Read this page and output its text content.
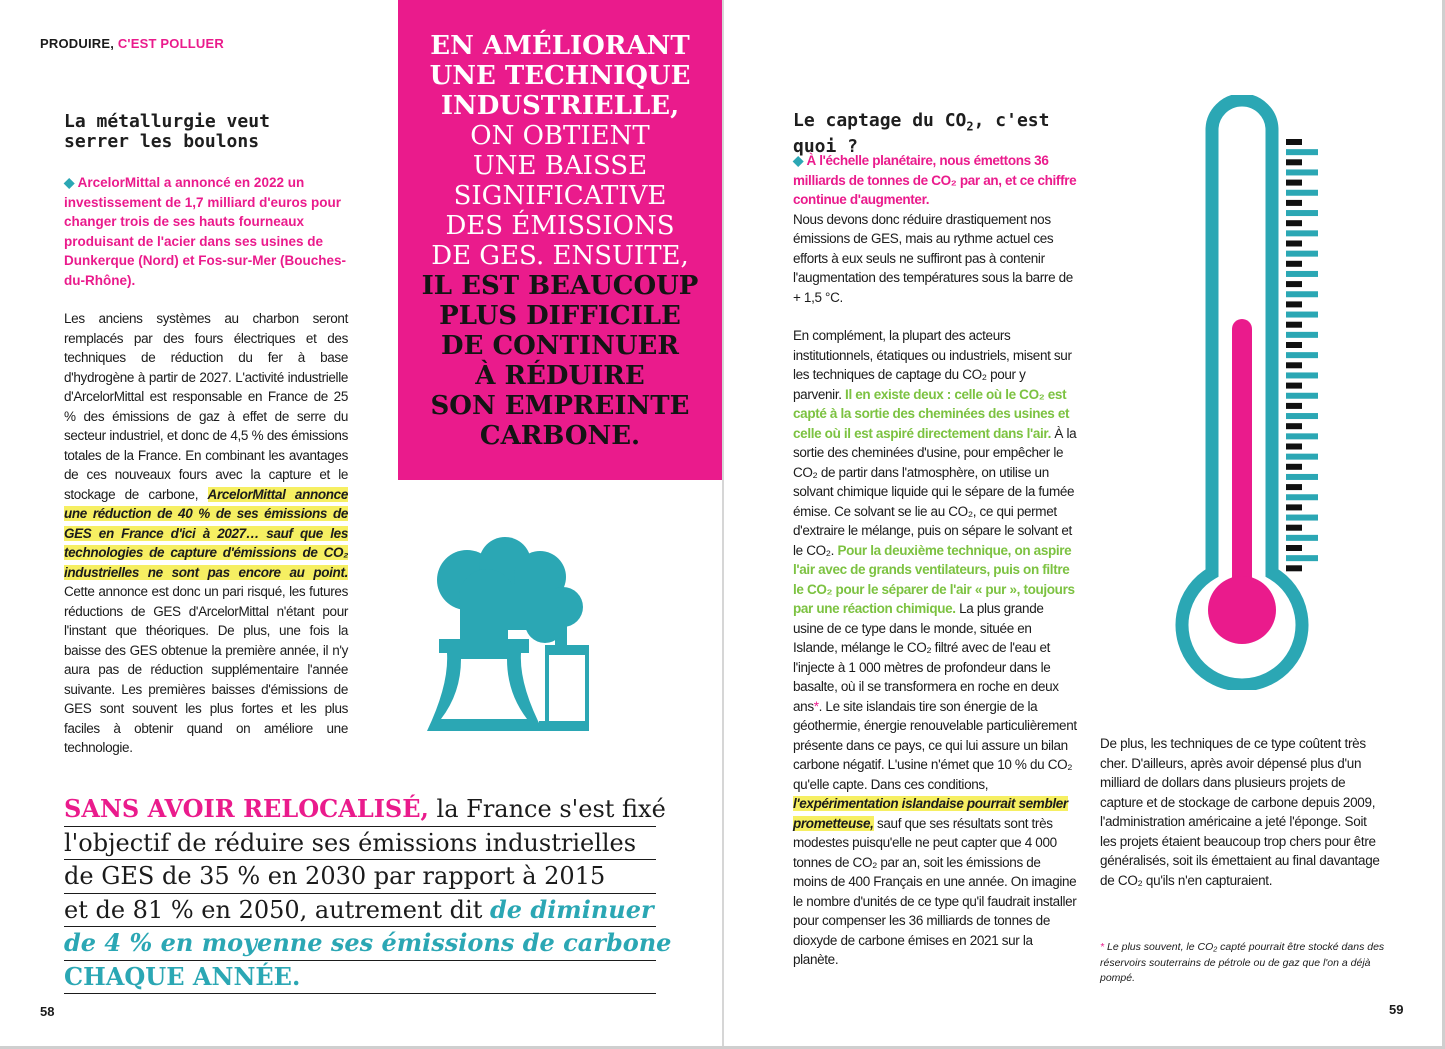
PRODUIRE, C'EST POLLUER
La métallurgie veut
serrer les boulons

◆ ArcelorMittal a annoncé en 2022 un investissement de 1,7 milliard d'euros pour changer trois de ses hauts fourneaux produisant de l'acier dans ses usines de Dunkerque (Nord) et Fos-sur-Mer (Bouches-du-Rhône).

Les anciens systèmes au charbon seront remplacés par des fours électriques et des techniques de réduction du fer à base d'hydrogène à partir de 2027. L'activité industrielle d'ArcelorMittal est responsable en France de 25 % des émissions de gaz à effet de serre du secteur industriel, et donc de 4,5 % des émissions totales de la France. En combinant les avantages de ces nouveaux fours avec la capture et le stockage de carbone, ArcelorMittal annonce une réduction de 40 % de ses émissions de GES en France d'ici à 2027… sauf que les technologies de capture d'émissions de CO₂ industrielles ne sont pas encore au point. Cette annonce est donc un pari risqué, les futures réductions de GES d'ArcelorMittal n'étant pour l'instant que théoriques. De plus, une fois la baisse des GES obtenue la première année, il n'y aura pas de réduction supplémentaire l'année suivante. Les premières baisses d'émissions de GES sont souvent les plus fortes et les plus faciles à obtenir quand on améliore une technologie.

EN AMÉLIORANT
UNE TECHNIQUE
INDUSTRIELLE,
ON OBTIENT
UNE BAISSE
SIGNIFICATIVE
DES ÉMISSIONS
DE GES. ENSUITE,
IL EST BEAUCOUP
PLUS DIFFICILE
DE CONTINUER
À RÉDUIRE
SON EMPREINTE
CARBONE.
SANS AVOIR RELOCALISÉ, la France s'est fixé
l'objectif de réduire ses émissions industrielles
de GES de 35 % en 2030 par rapport à 2015
et de 81 % en 2050, autrement dit de diminuer
de 4 % en moyenne ses émissions de carbone
CHAQUE ANNÉE.
58
Le captage du $CO_2$, c'est quoi ?

◆ À l'échelle planétaire, nous émettons 36 milliards de tonnes de CO₂ par an, et ce chiffre continue d'augmenter.

Nous devons donc réduire drastiquement nos émissions de GES, mais au rythme actuel ces efforts à eux seuls ne suffiront pas à contenir l'augmentation des températures sous la barre de + 1,5 °C.

En complément, la plupart des acteurs institutionnels, étatiques ou industriels, misent sur les techniques de captage du CO₂ pour y parvenir. Il en existe deux : celle où le CO₂ est capté à la sortie des cheminées des usines et celle où il est aspiré directement dans l'air. À la sortie des cheminées d'usine, pour empêcher le CO₂ de partir dans l'atmosphère, on utilise un solvant chimique liquide qui le sépare de la fumée émise. Ce solvant se lie au CO₂, ce qui permet d'extraire le mélange, puis on sépare le solvant et le CO₂. Pour la deuxième technique, on aspire l'air avec de grands ventilateurs, puis on filtre le CO₂ pour le séparer de l'air « pur », toujours par une réaction chimique. La plus grande usine de ce type dans le monde, située en Islande, mélange le CO₂ filtré avec de l'eau et l'injecte à 1 000 mètres de profondeur dans le basalte, où il se transformera en roche en deux ans*. Le site islandais tire son énergie de la géothermie, énergie renouvelable particulièrement présente dans ce pays, ce qui lui assure un bilan carbone négatif. L'usine n'émet que 10 % du CO₂ qu'elle capte. Dans ces conditions, l'expérimentation islandaise pourrait sembler prometteuse, sauf que ses résultats sont très modestes puisqu'elle ne peut capter que 4 000 tonnes de CO₂ par an, soit les émissions de moins de 400 Français en une année. On imagine le nombre d'unités de ce type qu'il faudrait installer pour compenser les 36 milliards de tonnes de dioxyde de carbone émises en 2021 sur la planète.

De plus, les techniques de ce type coûtent très cher. D'ailleurs, après avoir dépensé plus d'un milliard de dollars dans plusieurs projets de capture et de stockage de carbone depuis 2009, l'administration américaine a jeté l'éponge. Soit les projets étaient beaucoup trop chers pour être généralisés, soit ils émettaient au final davantage de CO₂ qu'ils n'en capturaient.

* Le plus souvent, le CO₂ capté pourrait être stocké dans des réservoirs souterrains de pétrole ou de gaz que l'on a déjà pompé.
59
